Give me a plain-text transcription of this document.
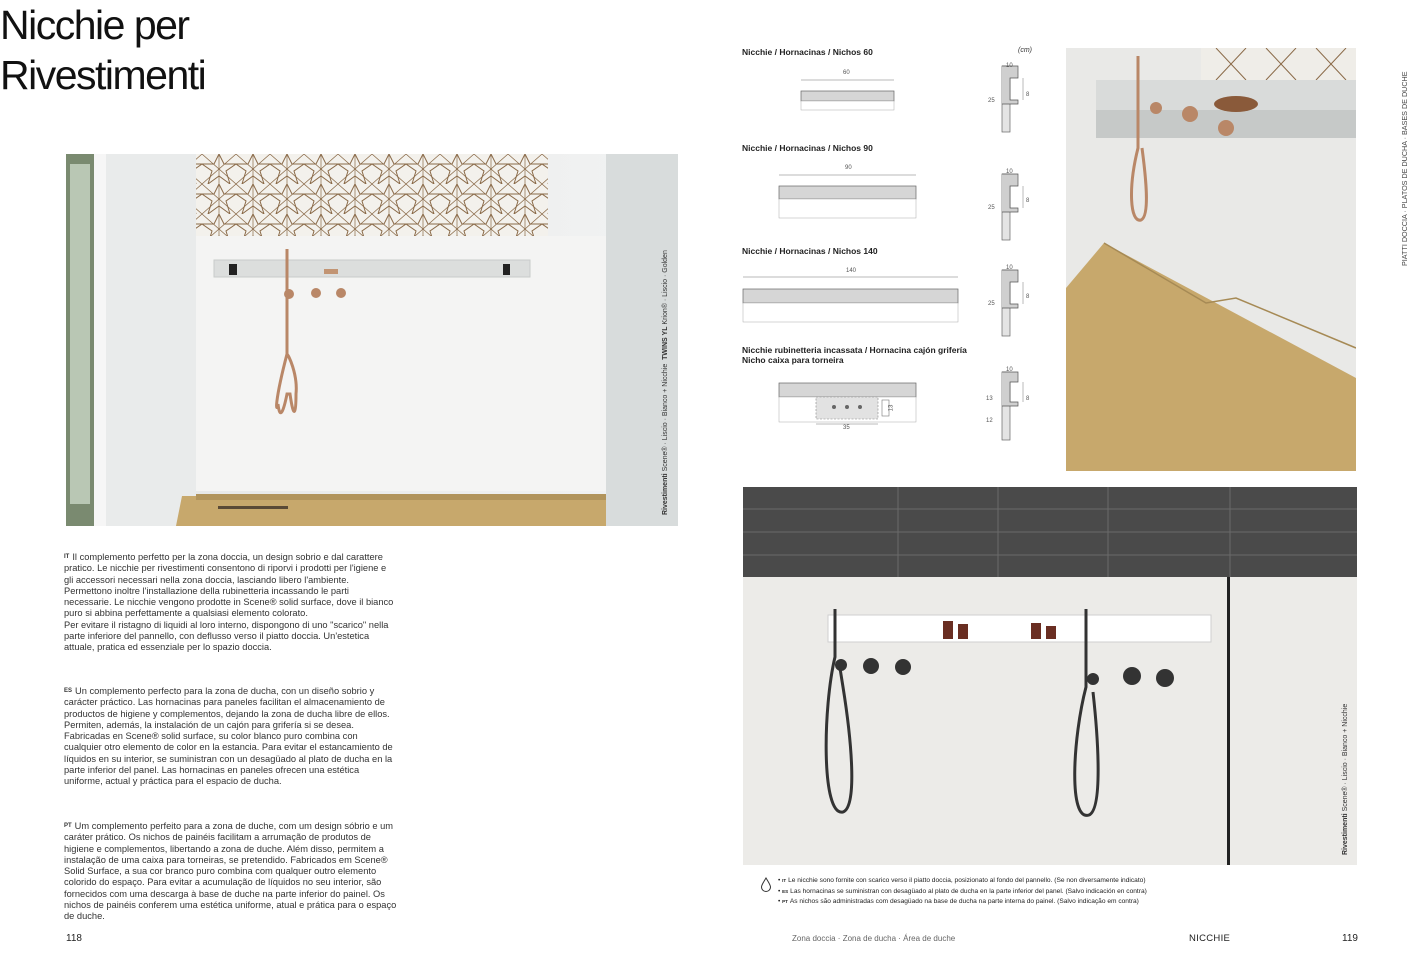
Nicchie per
Rivestimenti
Rivestimenti Scene® · Liscio · Bianco + Nicchie  TWINS YL Krion® · Liscio · Golden

$^{IT}$ Il complemento perfetto per la zona doccia, un design sobrio e dal carattere pratico. Le nicchie per rivestimenti consentono di riporvi i prodotti per l'igiene e gli accessori necessari nella zona doccia, lasciando libero l'ambiente. Permettono inoltre l'installazione della rubinetteria incassando le parti necessarie. Le nicchie vengono prodotte in Scene® solid surface, dove il bianco puro si abbina perfettamente a qualsiasi elemento colorato.

Per evitare il ristagno di liquidi al loro interno, dispongono di uno "scarico" nella parte inferiore del pannello, con deflusso verso il piatto doccia. Un'estetica attuale, pratica ed essenziale per lo spazio doccia.

$^{ES}$ Un complemento perfecto para la zona de ducha, con un diseño sobrio y carácter práctico. Las hornacinas para paneles facilitan el almacenamiento de productos de higiene y complementos, dejando la zona de ducha libre de ellos. Permiten, además, la instalación de un cajón para grifería si se desea. Fabricadas en Scene® solid surface, su color blanco puro combina con cualquier otro elemento de color en la estancia. Para evitar el estancamiento de líquidos en su interior, se suministran con un desagüado al plato de ducha en la parte inferior del panel. Las hornacinas en paneles ofrecen una estética uniforme, actual y práctica para el espacio de ducha.

$^{PT}$ Um complemento perfeito para a zona de duche, com um design sóbrio e um caráter prático. Os nichos de painéis facilitam a arrumação de produtos de higiene e complementos, libertando a zona de duche. Além disso, permitem a instalação de uma caixa para torneiras, se pretendido. Fabricados em Scene® Solid Surface, a sua cor branco puro combina com qualquer outro elemento colorido do espaço. Para evitar a acumulação de líquidos no seu interior, são fornecidos com uma descarga à base de duche na parte inferior do painel. Os nichos de painéis conferem uma estética uniforme, atual e prática para o espaço de duche.

118
(cm)
Nicchie / Hornacinas / Nichos 60
60
Nicchie / Hornacinas / Nichos 90
90
Nicchie / Hornacinas / Nichos 140
140
Nicchie rubinetteria incassata / Hornacina cajón grifería
Nicho caixa para torneira
35
13
10
25
8
10
25
8
10
25
8
10
13
12
8
PIATTI DOCCIA · PLATOS DE DUCHA · BASES DE DUCHE
Rivestimenti Scene® · Liscio · Bianco + Nicchie
• $^{IT}$ Le nicchie sono fornite con scarico verso il piatto doccia, posizionato al fondo del pannello. (Se non diversamente indicato)
• $^{ES}$ Las hornacinas se suministran con desagüado al plato de ducha en la parte inferior del panel. (Salvo indicación en contra)
• $^{PT}$ As nichos são administradas com desagüado na base de ducha na parte interna do painel. (Salvo indicação em contra)
Zona doccia · Zona de ducha · Área de duche	NICCHIE	119
